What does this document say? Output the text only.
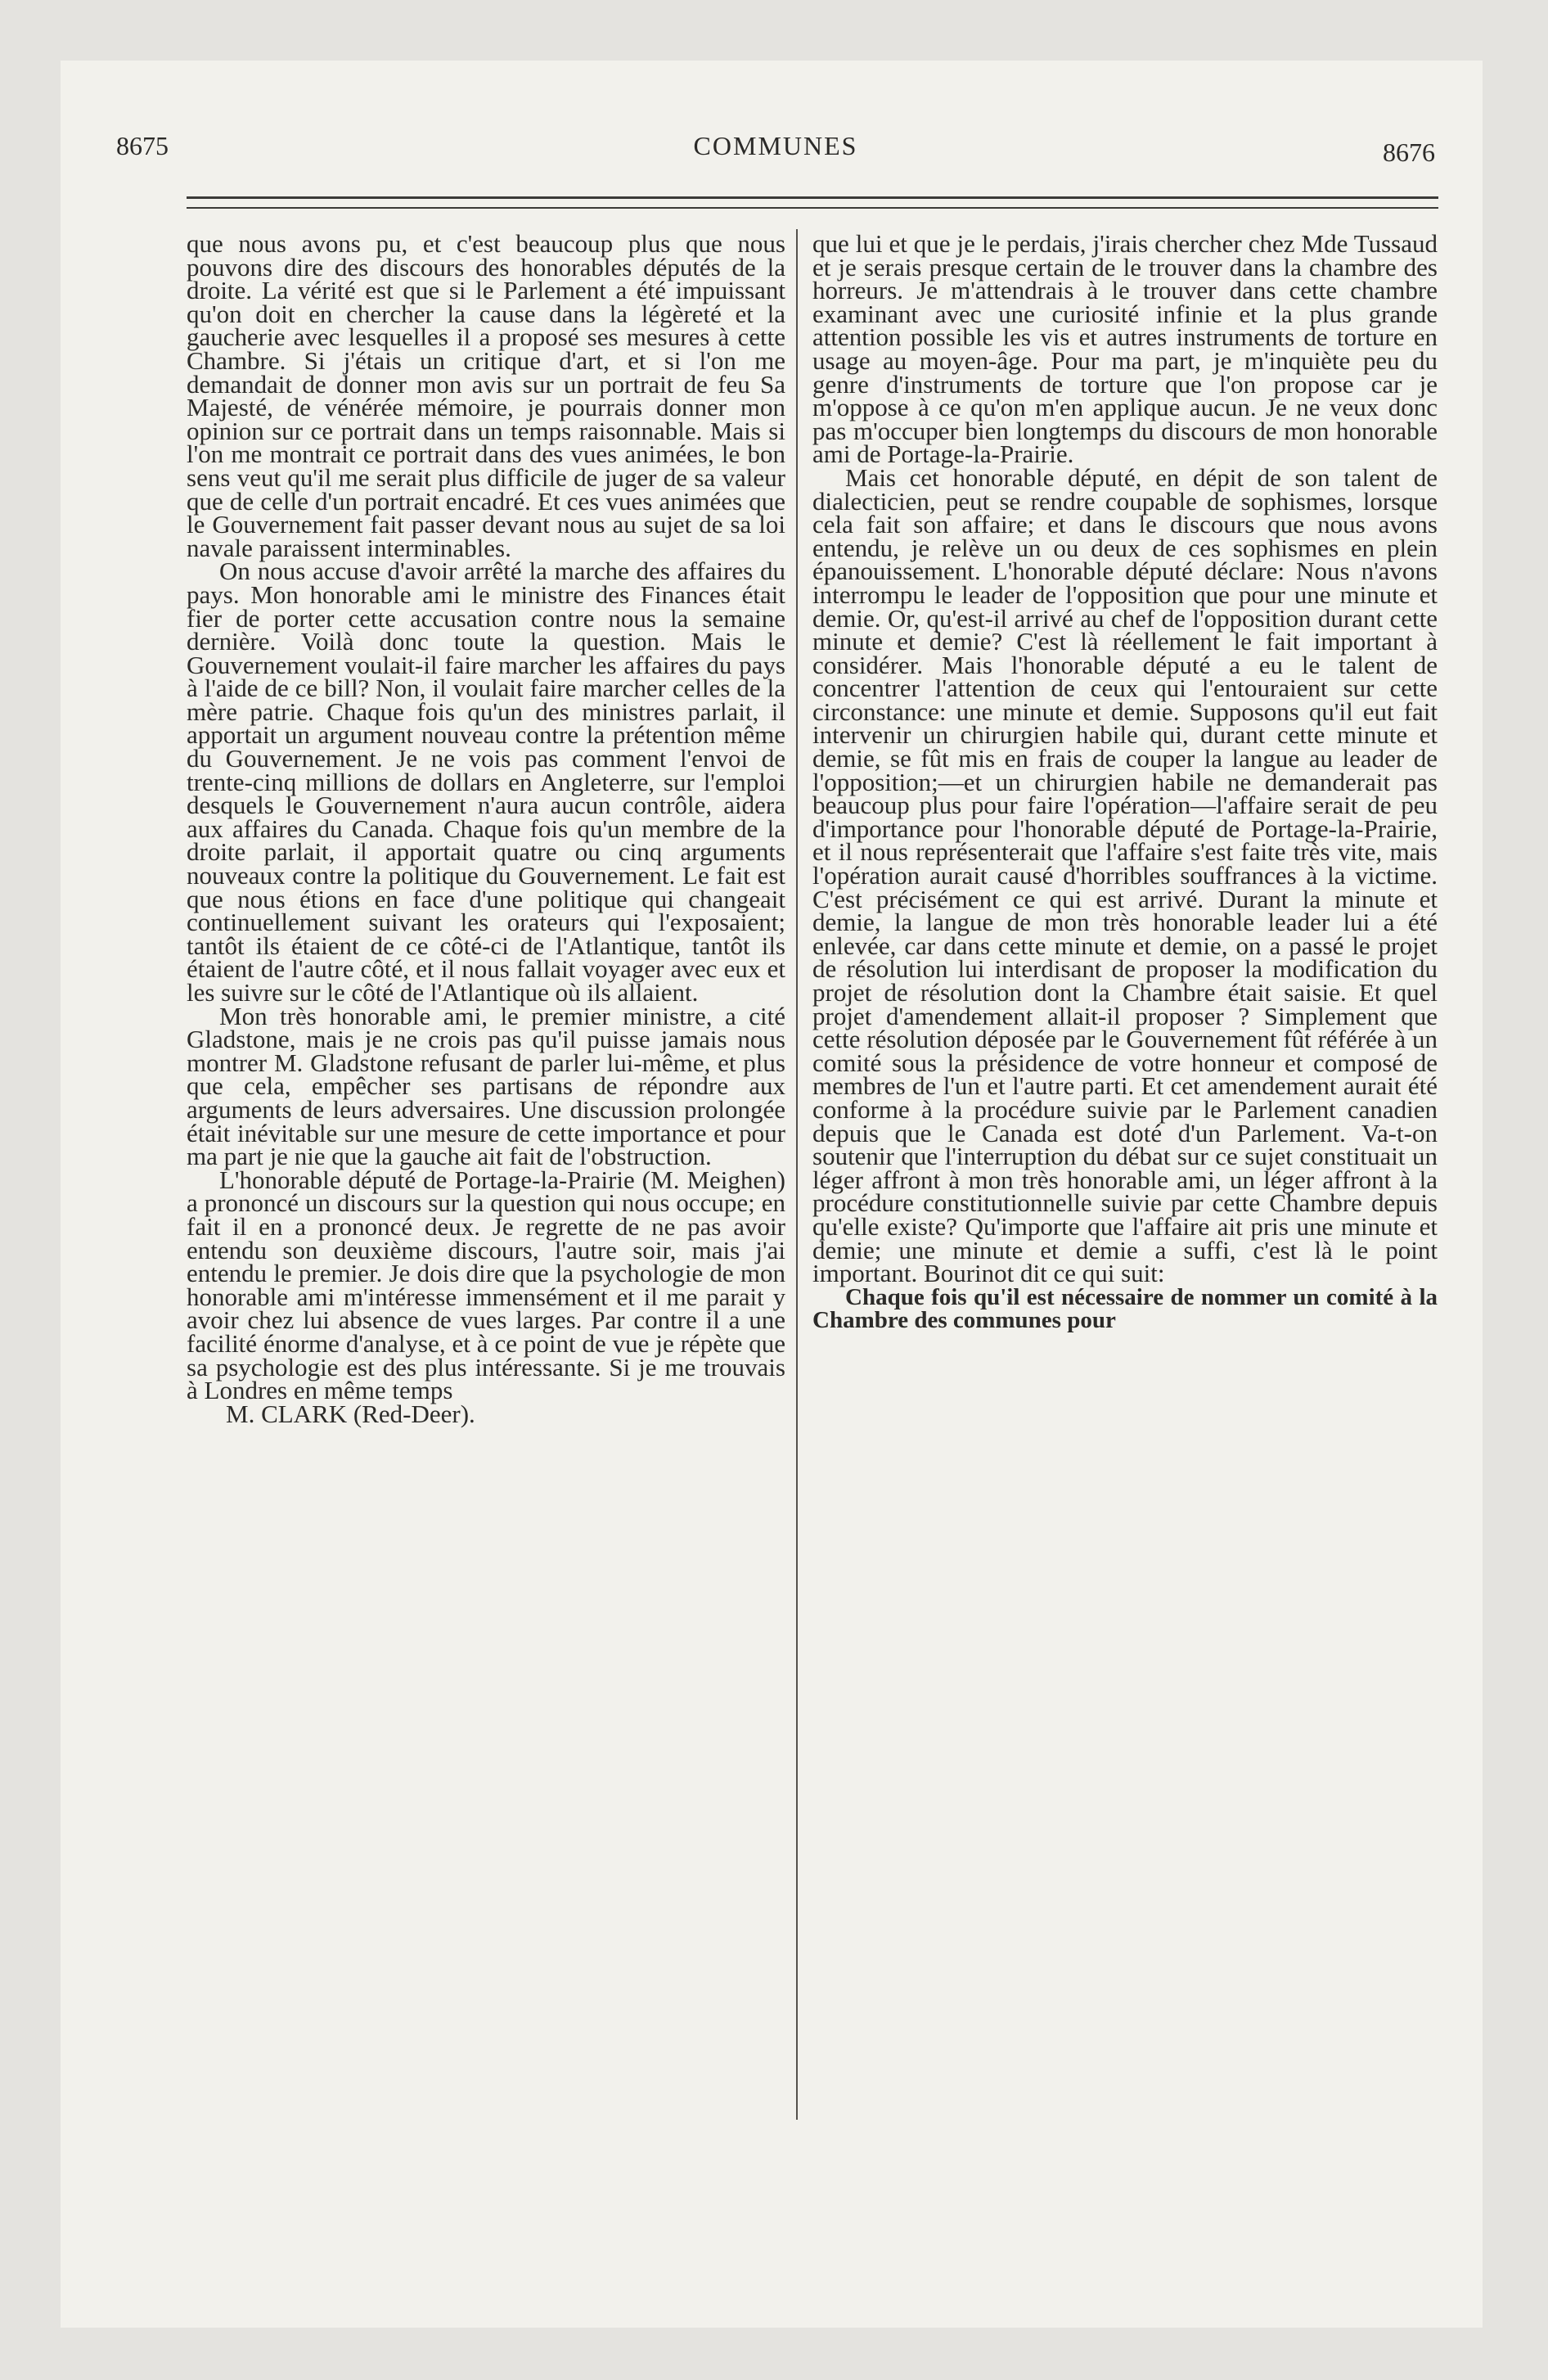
8675	COMMUNES	8676

que nous avons pu, et c'est beaucoup plus que nous pouvons dire des discours des honorables députés de la droite. La vérité est que si le Parlement a été impuissant qu'on doit en chercher la cause dans la légèreté et la gaucherie avec lesquelles il a proposé ses mesures à cette Chambre. Si j'étais un critique d'art, et si l'on me demandait de donner mon avis sur un portrait de feu Sa Majesté, de vénérée mémoire, je pourrais donner mon opinion sur ce portrait dans un temps raisonnable. Mais si l'on me montrait ce portrait dans des vues animées, le bon sens veut qu'il me serait plus difficile de juger de sa valeur que de celle d'un portrait encadré. Et ces vues animées que le Gouvernement fait passer devant nous au sujet de sa loi navale paraissent interminables.

On nous accuse d'avoir arrêté la marche des affaires du pays. Mon honorable ami le ministre des Finances était fier de porter cette accusation contre nous la semaine dernière. Voilà donc toute la question. Mais le Gouvernement voulait-il faire marcher les affaires du pays à l'aide de ce bill? Non, il voulait faire marcher celles de la mère patrie. Chaque fois qu'un des ministres parlait, il apportait un argument nouveau contre la prétention même du Gouvernement. Je ne vois pas comment l'envoi de trente-cinq millions de dollars en Angleterre, sur l'emploi desquels le Gouvernement n'aura aucun contrôle, aidera aux affaires du Canada. Chaque fois qu'un membre de la droite parlait, il apportait quatre ou cinq arguments nouveaux contre la politique du Gouvernement. Le fait est que nous étions en face d'une politique qui changeait continuellement suivant les orateurs qui l'exposaient; tantôt ils étaient de ce côté-ci de l'Atlantique, tantôt ils étaient de l'autre côté, et il nous fallait voyager avec eux et les suivre sur le côté de l'Atlantique où ils allaient.

Mon très honorable ami, le premier ministre, a cité Gladstone, mais je ne crois pas qu'il puisse jamais nous montrer M. Gladstone refusant de parler lui-même, et plus que cela, empêcher ses partisans de répondre aux arguments de leurs adversaires. Une discussion prolongée était inévitable sur une mesure de cette importance et pour ma part je nie que la gauche ait fait de l'obstruction.

L'honorable député de Portage-la-Prairie (M. Meighen) a prononcé un discours sur la question qui nous occupe; en fait il en a prononcé deux. Je regrette de ne pas avoir entendu son deuxième discours, l'autre soir, mais j'ai entendu le premier. Je dois dire que la psychologie de mon honorable ami m'intéresse immensément et il me parait y avoir chez lui absence de vues larges. Par contre il a une facilité énorme d'analyse, et à ce point de vue je répète que sa psychologie est des plus intéressante. Si je me trouvais à Londres en même temps

M. CLARK (Red-Deer).

que lui et que je le perdais, j'irais chercher chez Mde Tussaud et je serais presque certain de le trouver dans la chambre des horreurs. Je m'attendrais à le trouver dans cette chambre examinant avec une curiosité infinie et la plus grande attention possible les vis et autres instruments de torture en usage au moyen-âge. Pour ma part, je m'inquiète peu du genre d'instruments de torture que l'on propose car je m'oppose à ce qu'on m'en applique aucun. Je ne veux donc pas m'occuper bien longtemps du discours de mon honorable ami de Portage-la-Prairie.

Mais cet honorable député, en dépit de son talent de dialecticien, peut se rendre coupable de sophismes, lorsque cela fait son affaire; et dans le discours que nous avons entendu, je relève un ou deux de ces sophismes en plein épanouissement. L'honorable député déclare: Nous n'avons interrompu le leader de l'opposition que pour une minute et demie. Or, qu'est-il arrivé au chef de l'opposition durant cette minute et demie? C'est là réellement le fait important à considérer. Mais l'honorable député a eu le talent de concentrer l'attention de ceux qui l'entouraient sur cette circonstance: une minute et demie. Supposons qu'il eut fait intervenir un chirurgien habile qui, durant cette minute et demie, se fût mis en frais de couper la langue au leader de l'opposition;—et un chirurgien habile ne demanderait pas beaucoup plus pour faire l'opération—l'affaire serait de peu d'importance pour l'honorable député de Portage-la-Prairie, et il nous représenterait que l'affaire s'est faite très vite, mais l'opération aurait causé d'horribles souffrances à la victime. C'est précisément ce qui est arrivé. Durant la minute et demie, la langue de mon très honorable leader lui a été enlevée, car dans cette minute et demie, on a passé le projet de résolution lui interdisant de proposer la modification du projet de résolution dont la Chambre était saisie. Et quel projet d'amendement allait-il proposer ? Simplement que cette résolution déposée par le Gouvernement fût référée à un comité sous la présidence de votre honneur et composé de membres de l'un et l'autre parti. Et cet amendement aurait été conforme à la procédure suivie par le Parlement canadien depuis que le Canada est doté d'un Parlement. Va-t-on soutenir que l'interruption du débat sur ce sujet constituait un léger affront à mon très honorable ami, un léger affront à la procédure constitutionnelle suivie par cette Chambre depuis qu'elle existe? Qu'importe que l'affaire ait pris une minute et demie; une minute et demie a suffi, c'est là le point important. Bourinot dit ce qui suit:

Chaque fois qu'il est nécessaire de nommer un comité à la Chambre des communes pour
